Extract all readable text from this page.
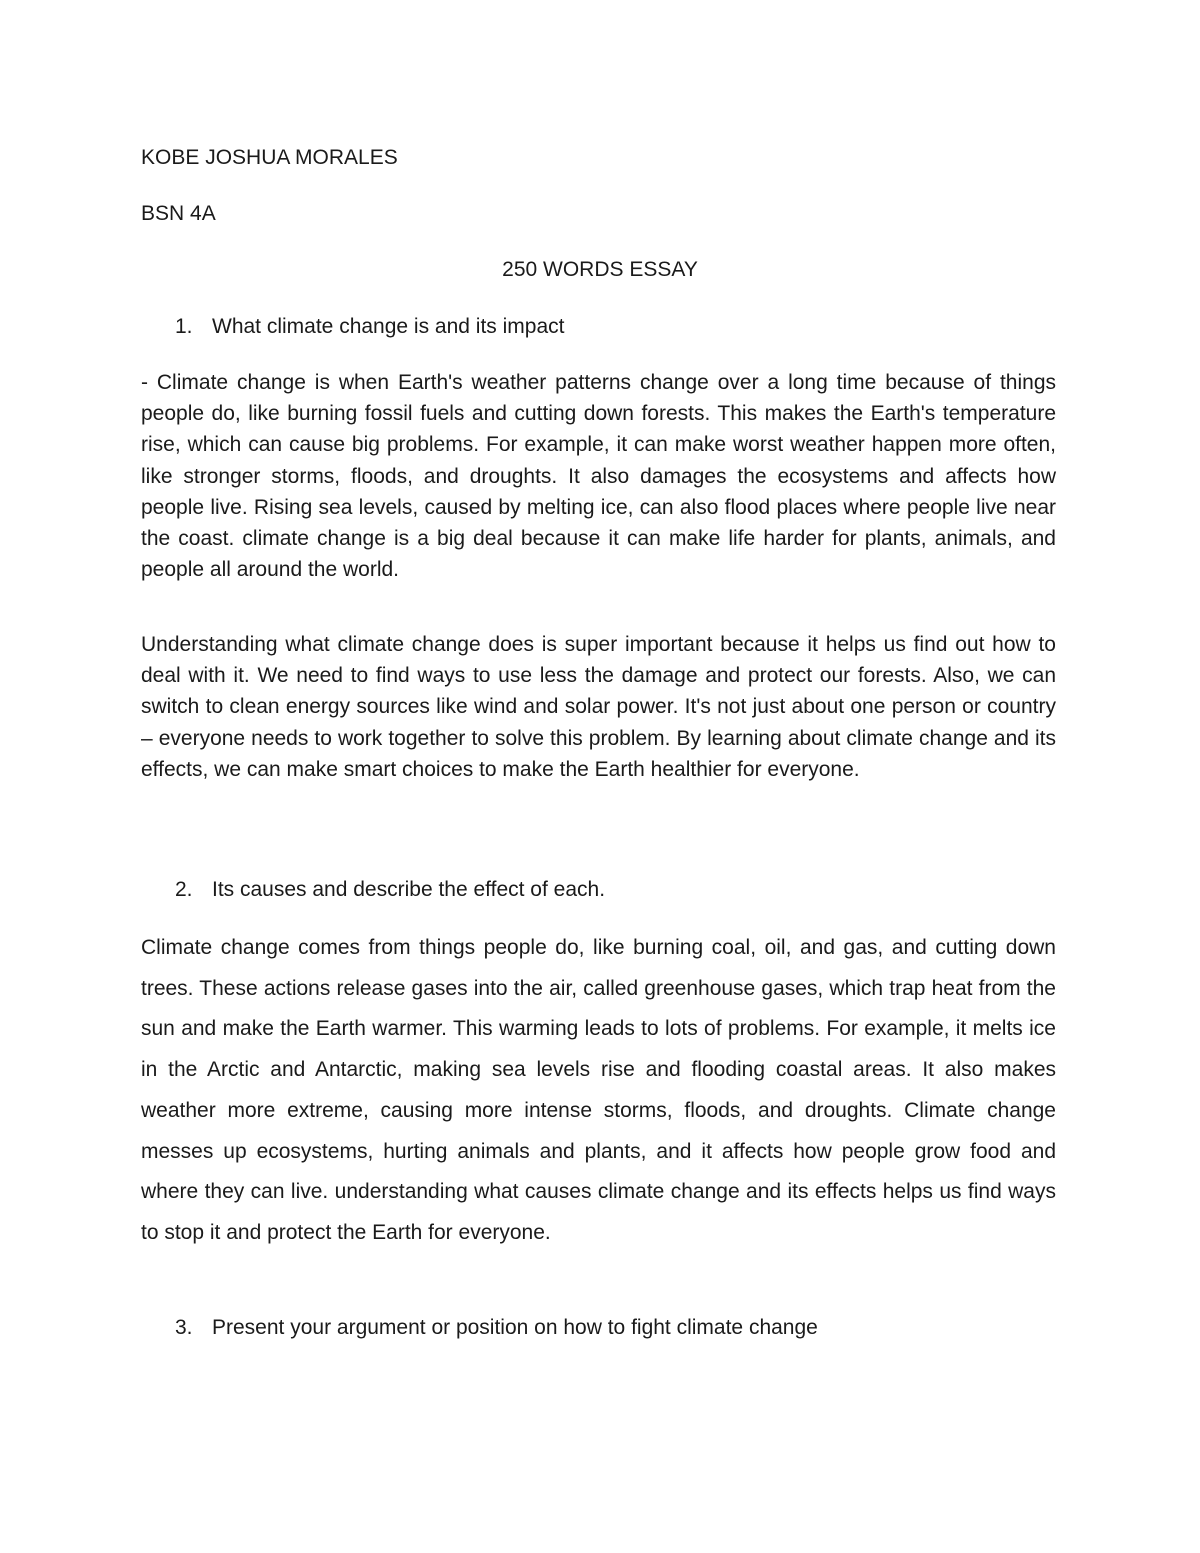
KOBE JOSHUA MORALES
BSN 4A
250 WORDS ESSAY
1. What climate change is and its impact

- Climate change is when Earth's weather patterns change over a long time because of things people do, like burning fossil fuels and cutting down forests. This makes the Earth's temperature rise, which can cause big problems. For example, it can make worst weather happen more often, like stronger storms, floods, and droughts. It also damages the ecosystems and affects how people live. Rising sea levels, caused by melting ice, can also flood places where people live near the coast. climate change is a big deal because it can make life harder for plants, animals, and people all around the world.

Understanding what climate change does is super important because it helps us find out how to deal with it. We need to find ways to use less the damage and protect our forests. Also, we can switch to clean energy sources like wind and solar power. It's not just about one person or country – everyone needs to work together to solve this problem. By learning about climate change and its effects, we can make smart choices to make the Earth healthier for everyone.

2. Its causes and describe the effect of each.

Climate change comes from things people do, like burning coal, oil, and gas, and cutting down trees. These actions release gases into the air, called greenhouse gases, which trap heat from the sun and make the Earth warmer. This warming leads to lots of problems. For example, it melts ice in the Arctic and Antarctic, making sea levels rise and flooding coastal areas. It also makes weather more extreme, causing more intense storms, floods, and droughts. Climate change messes up ecosystems, hurting animals and plants, and it affects how people grow food and where they can live. understanding what causes climate change and its effects helps us find ways to stop it and protect the Earth for everyone.

3. Present your argument or position on how to fight climate change
